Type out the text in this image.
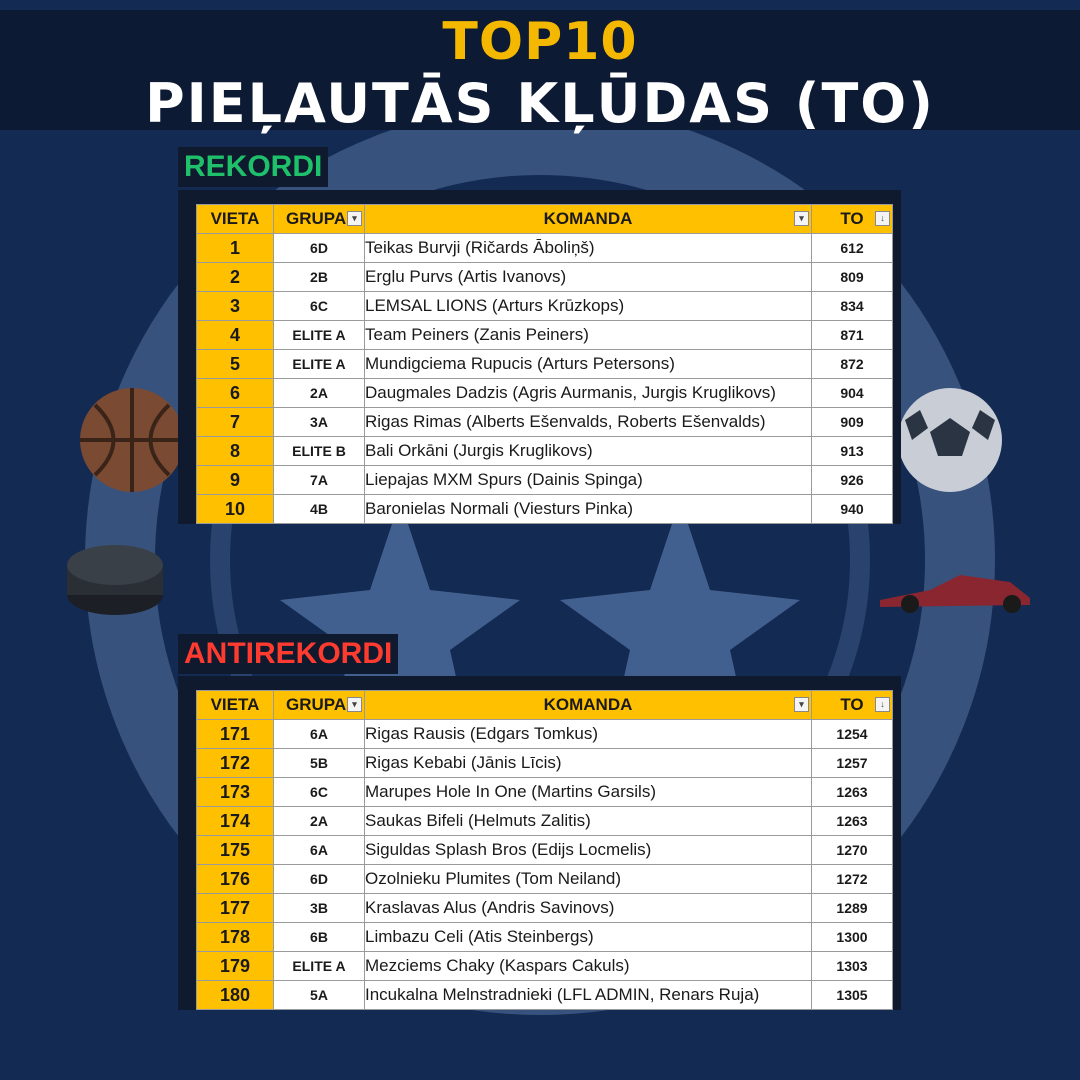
TOP10
PIEĻAUTĀS KĻŪDAS (TO)
REKORDI
VIETA	GRUPA ▾	KOMANDA ▾	TO ↓

1	6D	Teikas Burvji (Ričards Āboliņš)	612
2	2B	Erglu Purvs (Artis Ivanovs)	809
3	6C	LEMSAL LIONS (Arturs Krūzkops)	834
4	ELITE A	Team Peiners (Zanis Peiners)	871
5	ELITE A	Mundigciema Rupucis (Arturs Petersons)	872
6	2A	Daugmales Dadzis (Agris Aurmanis, Jurgis Kruglikovs)	904
7	3A	Rigas Rimas (Alberts Ešenvalds, Roberts Ešenvalds)	909
8	ELITE B	Bali Orkāni (Jurgis Kruglikovs)	913
9	7A	Liepajas MXM Spurs (Dainis Spinga)	926
10	4B	Baronielas Normali (Viesturs Pinka)	940
ANTIREKORDI
VIETA	GRUPA ▾	KOMANDA ▾	TO ↓

171	6A	Rigas Rausis (Edgars Tomkus)	1254
172	5B	Rigas Kebabi (Jānis Līcis)	1257
173	6C	Marupes Hole In One (Martins Garsils)	1263
174	2A	Saukas Bifeli (Helmuts Zalitis)	1263
175	6A	Siguldas Splash Bros (Edijs Locmelis)	1270
176	6D	Ozolnieku Plumites (Tom Neiland)	1272
177	3B	Kraslavas Alus (Andris Savinovs)	1289
178	6B	Limbazu Celi (Atis Steinbergs)	1300
179	ELITE A	Mezciems Chaky (Kaspars Cakuls)	1303
180	5A	Incukalna Melnstradnieki (LFL ADMIN, Renars Ruja)	1305
